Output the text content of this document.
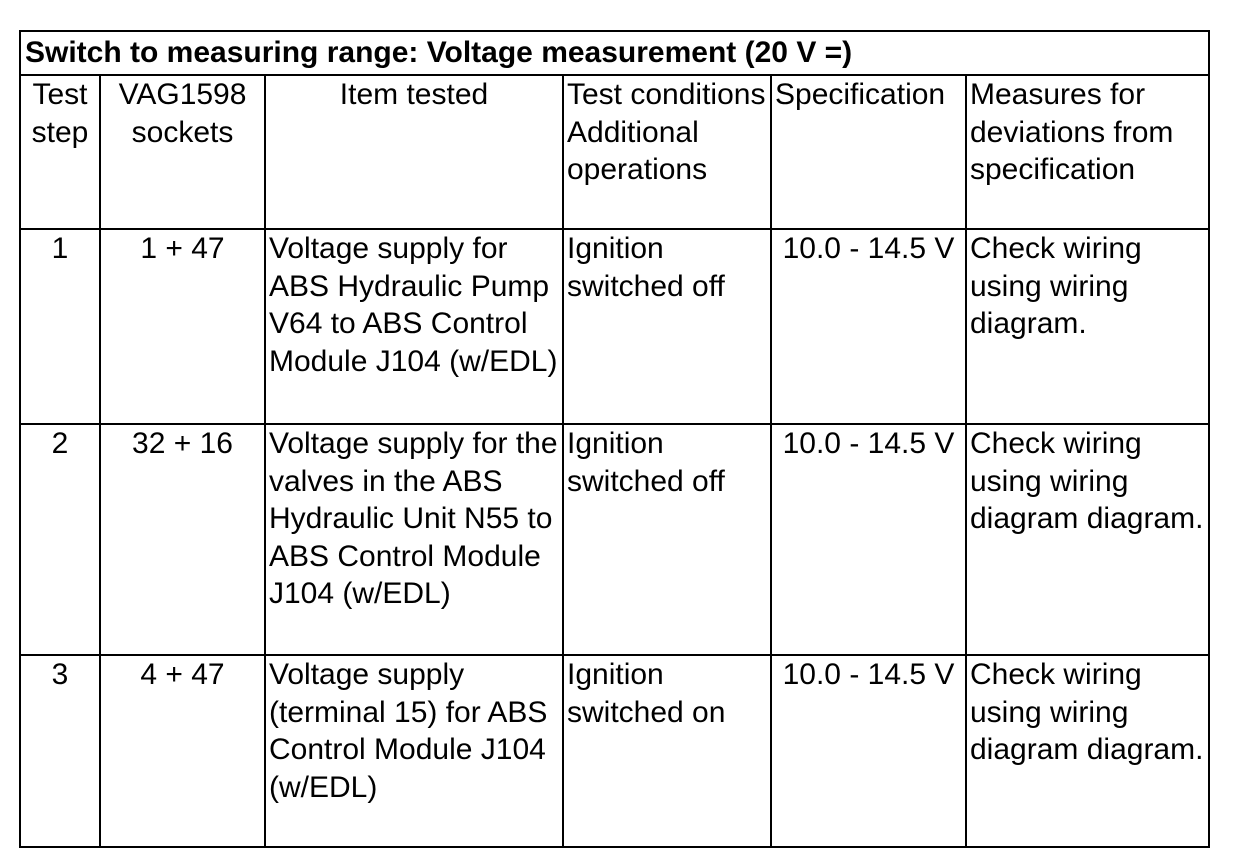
Switch to measuring range: Voltage measurement (20 V =)					
Test step	VAG1598 sockets	Item tested	Test conditions Additional operations	Specification	Measures for deviations from specification
1	1 + 47	Voltage supply for ABS Hydraulic Pump V64 to ABS Control Module J104 (w/EDL)	Ignition switched off	10.0 - 14.5 V	Check wiring using wiring diagram.
2	32 + 16	Voltage supply for the valves in the ABS Hydraulic Unit N55 to ABS Control Module J104 (w/EDL)	Ignition switched off	10.0 - 14.5 V	Check wiring using wiring diagram diagram.
3	4 + 47	Voltage supply (terminal 15) for ABS Control Module J104 (w/EDL)	Ignition switched on	10.0 - 14.5 V	Check wiring using wiring diagram diagram.
